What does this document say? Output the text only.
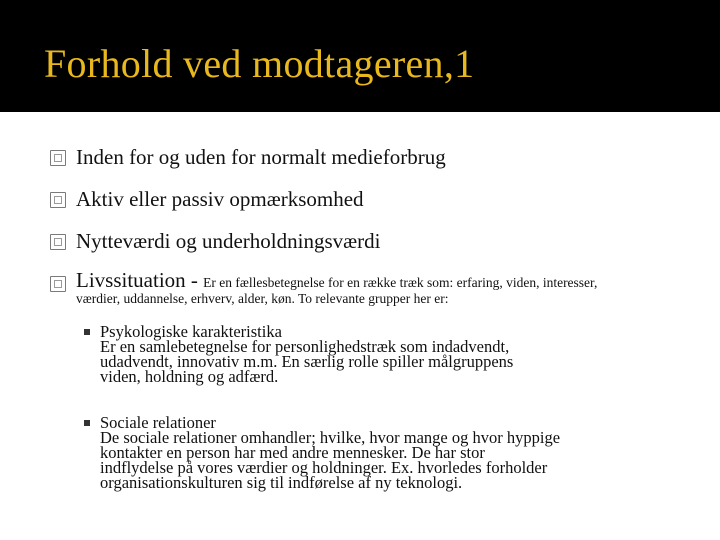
Forhold ved modtageren,1
Inden for og uden for normalt medieforbrug
Aktiv eller passiv opmærksomhed
Nytteværdi og underholdningsværdi
Livssituation - Er en fællesbetegnelse for en række træk som: erfaring, viden, interesser,
værdier, uddannelse, erhverv, alder, køn. To relevante grupper her er:
Psykologiske karakteristika
Er en samlebetegnelse for personlighedstræk som indadvendt,
udadvendt, innovativ m.m. En særlig rolle spiller målgruppens
viden, holdning og adfærd.
Sociale relationer
De sociale relationer omhandler; hvilke, hvor mange og hvor hyppige
kontakter en person har med andre mennesker. De har stor
indflydelse på vores værdier og holdninger. Ex. hvorledes forholder
organisationskulturen sig til indførelse af ny teknologi.
